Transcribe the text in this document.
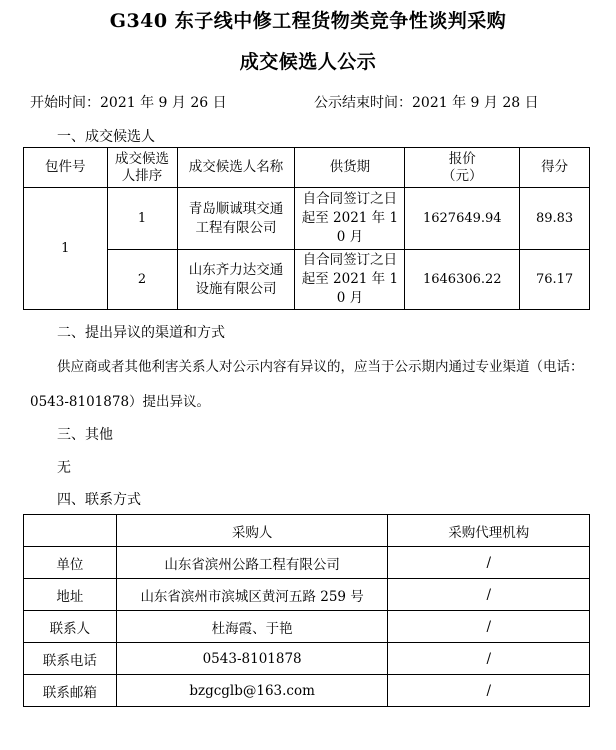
G340 东子线中修工程货物类竞争性谈判采购
成交候选人公示
开始时间：2021 年 9 月 26 日	公示结束时间：2021 年 9 月 28 日
一、成交候选人
包件号	成交候选人排序	成交候选人名称	供货期	报价（元）	得分
1	1	青岛顺诚琪交通工程有限公司	自合同签订之日起至 2021 年 10 月	1627649.94	89.83
	2	山东齐力达交通设施有限公司	自合同签订之日起至 2021 年 10 月	1646306.22	76.17
二、提出异议的渠道和方式
供应商或者其他利害关系人对公示内容有异议的，应当于公示期内通过专业渠道（电话：
0543-8101878）提出异议。
三、其他
无
四、联系方式
	采购人	采购代理机构
单位	山东省滨州公路工程有限公司	/
地址	山东省滨州市滨城区黄河五路 259 号	/
联系人	杜海霞、于艳	/
联系电话	0543-8101878	/
联系邮箱	bzgcglb@163.com	/
